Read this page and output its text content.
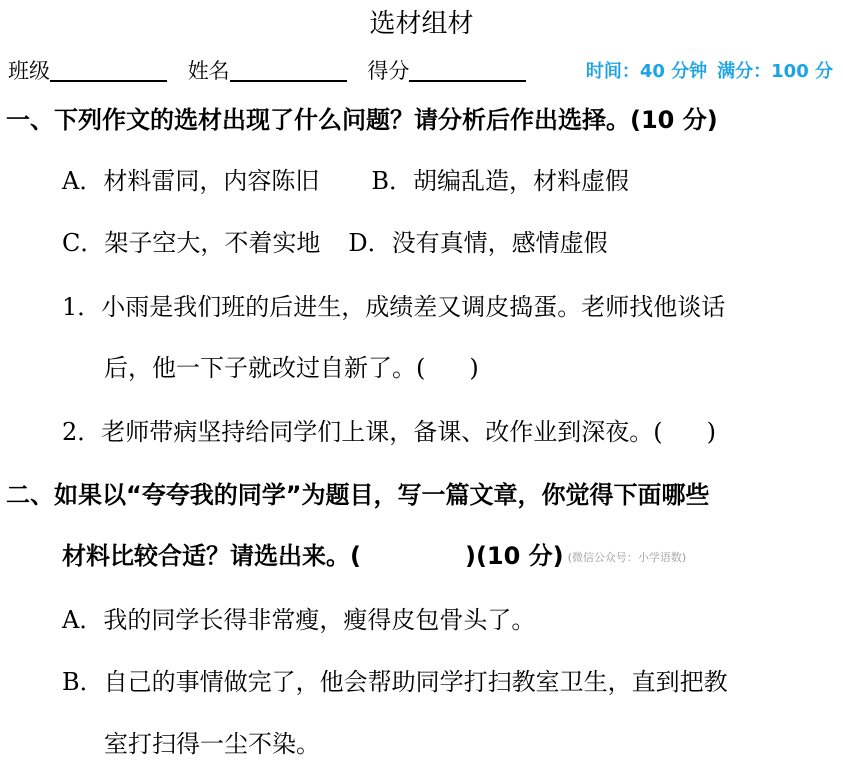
选材组材
班级	姓名	得分	时间：40 分钟 满分：100 分
一、下列作文的选材出现了什么问题？请分析后作出选择。(10 分)
A．材料雷同，内容陈旧 B．胡编乱造，材料虚假
C．架子空大，不着实地 D．没有真情，感情虚假
1．小雨是我们班的后进生，成绩差又调皮捣蛋。老师找他谈话
后，他一下子就改过自新了。( )
2．老师带病坚持给同学们上课，备课、改作业到深夜。( )
二、如果以“夸夸我的同学”为题目，写一篇文章，你觉得下面哪些
材料比较合适？请选出来。(	)(10 分) (微信公众号：小学语数)
A．我的同学长得非常瘦，瘦得皮包骨头了。
B．自己的事情做完了，他会帮助同学打扫教室卫生，直到把教
室打扫得一尘不染。
